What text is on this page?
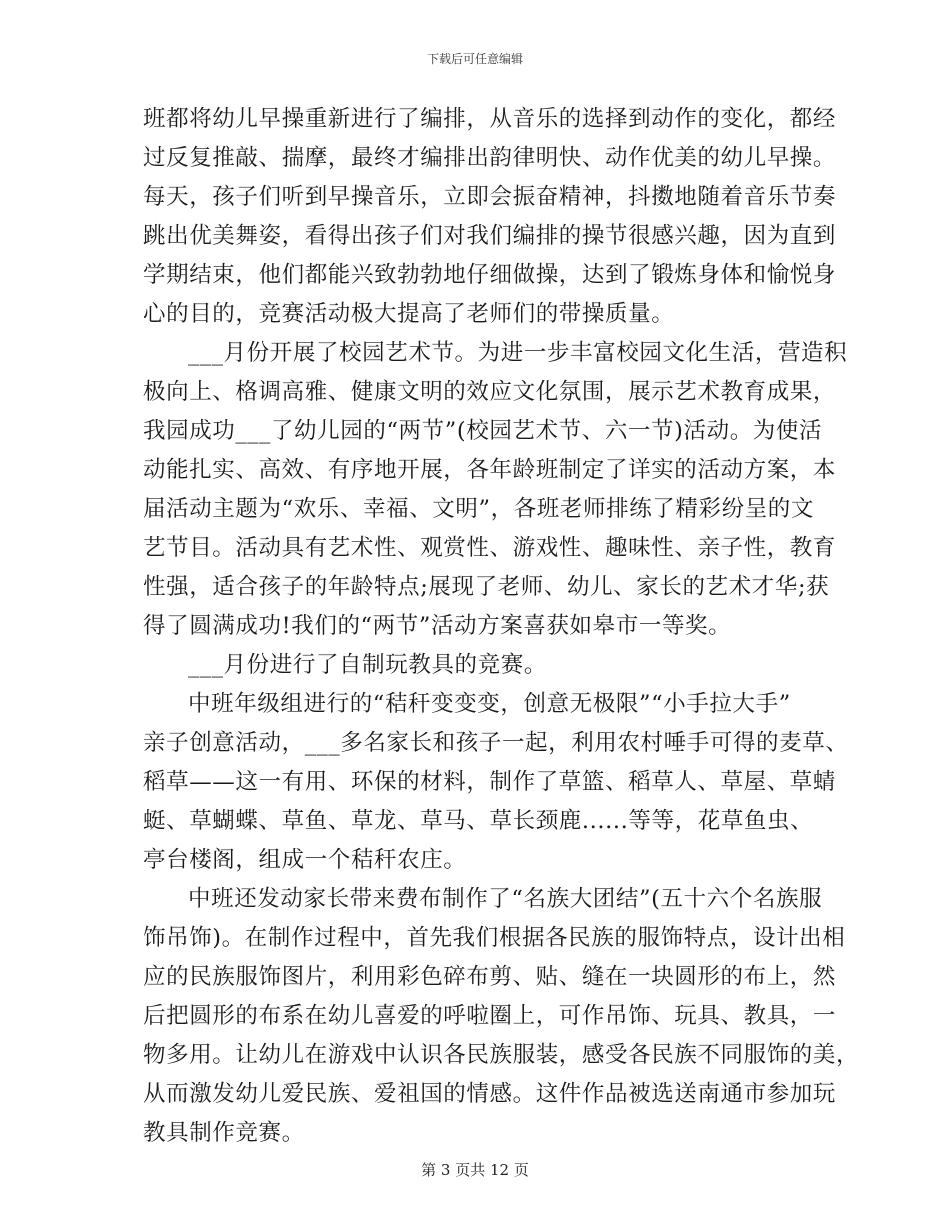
下载后可任意编辑
班都将幼儿早操重新进行了编排，从音乐的选择到动作的变化，都经
过反复推敲、揣摩，最终才编排出韵律明快、动作优美的幼儿早操。
每天，孩子们听到早操音乐，立即会振奋精神，抖擞地随着音乐节奏
跳出优美舞姿，看得出孩子们对我们编排的操节很感兴趣，因为直到
学期结束，他们都能兴致勃勃地仔细做操，达到了锻炼身体和愉悦身
心的目的，竞赛活动极大提高了老师们的带操质量。
___月份开展了校园艺术节。为进一步丰富校园文化生活，营造积
极向上、格调高雅、健康文明的效应文化氛围，展示艺术教育成果，
我园成功___了幼儿园的“两节”(校园艺术节、六一节)活动。为使活
动能扎实、高效、有序地开展，各年龄班制定了详实的活动方案，本
届活动主题为“欢乐、幸福、文明”，各班老师排练了精彩纷呈的文
艺节目。活动具有艺术性、观赏性、游戏性、趣味性、亲子性，教育
性强，适合孩子的年龄特点;展现了老师、幼儿、家长的艺术才华;获
得了圆满成功!我们的“两节”活动方案喜获如皋市一等奖。
___月份进行了自制玩教具的竞赛。
中班年级组进行的“秸秆变变变，创意无极限”“小手拉大手”
亲子创意活动，___多名家长和孩子一起，利用农村唾手可得的麦草、
稻草——这一有用、环保的材料，制作了草篮、稻草人、草屋、草蜻
蜓、草蝴蝶、草鱼、草龙、草马、草长颈鹿......等等，花草鱼虫、
亭台楼阁，组成一个秸秆农庄。
中班还发动家长带来费布制作了“名族大团结”(五十六个名族服
饰吊饰)。在制作过程中，首先我们根据各民族的服饰特点，设计出相
应的民族服饰图片，利用彩色碎布剪、贴、缝在一块圆形的布上，然
后把圆形的布系在幼儿喜爱的呼啦圈上，可作吊饰、玩具、教具，一
物多用。让幼儿在游戏中认识各民族服装，感受各民族不同服饰的美，
从而激发幼儿爱民族、爱祖国的情感。这件作品被选送南通市参加玩
教具制作竞赛。
第 3 页共 12 页
